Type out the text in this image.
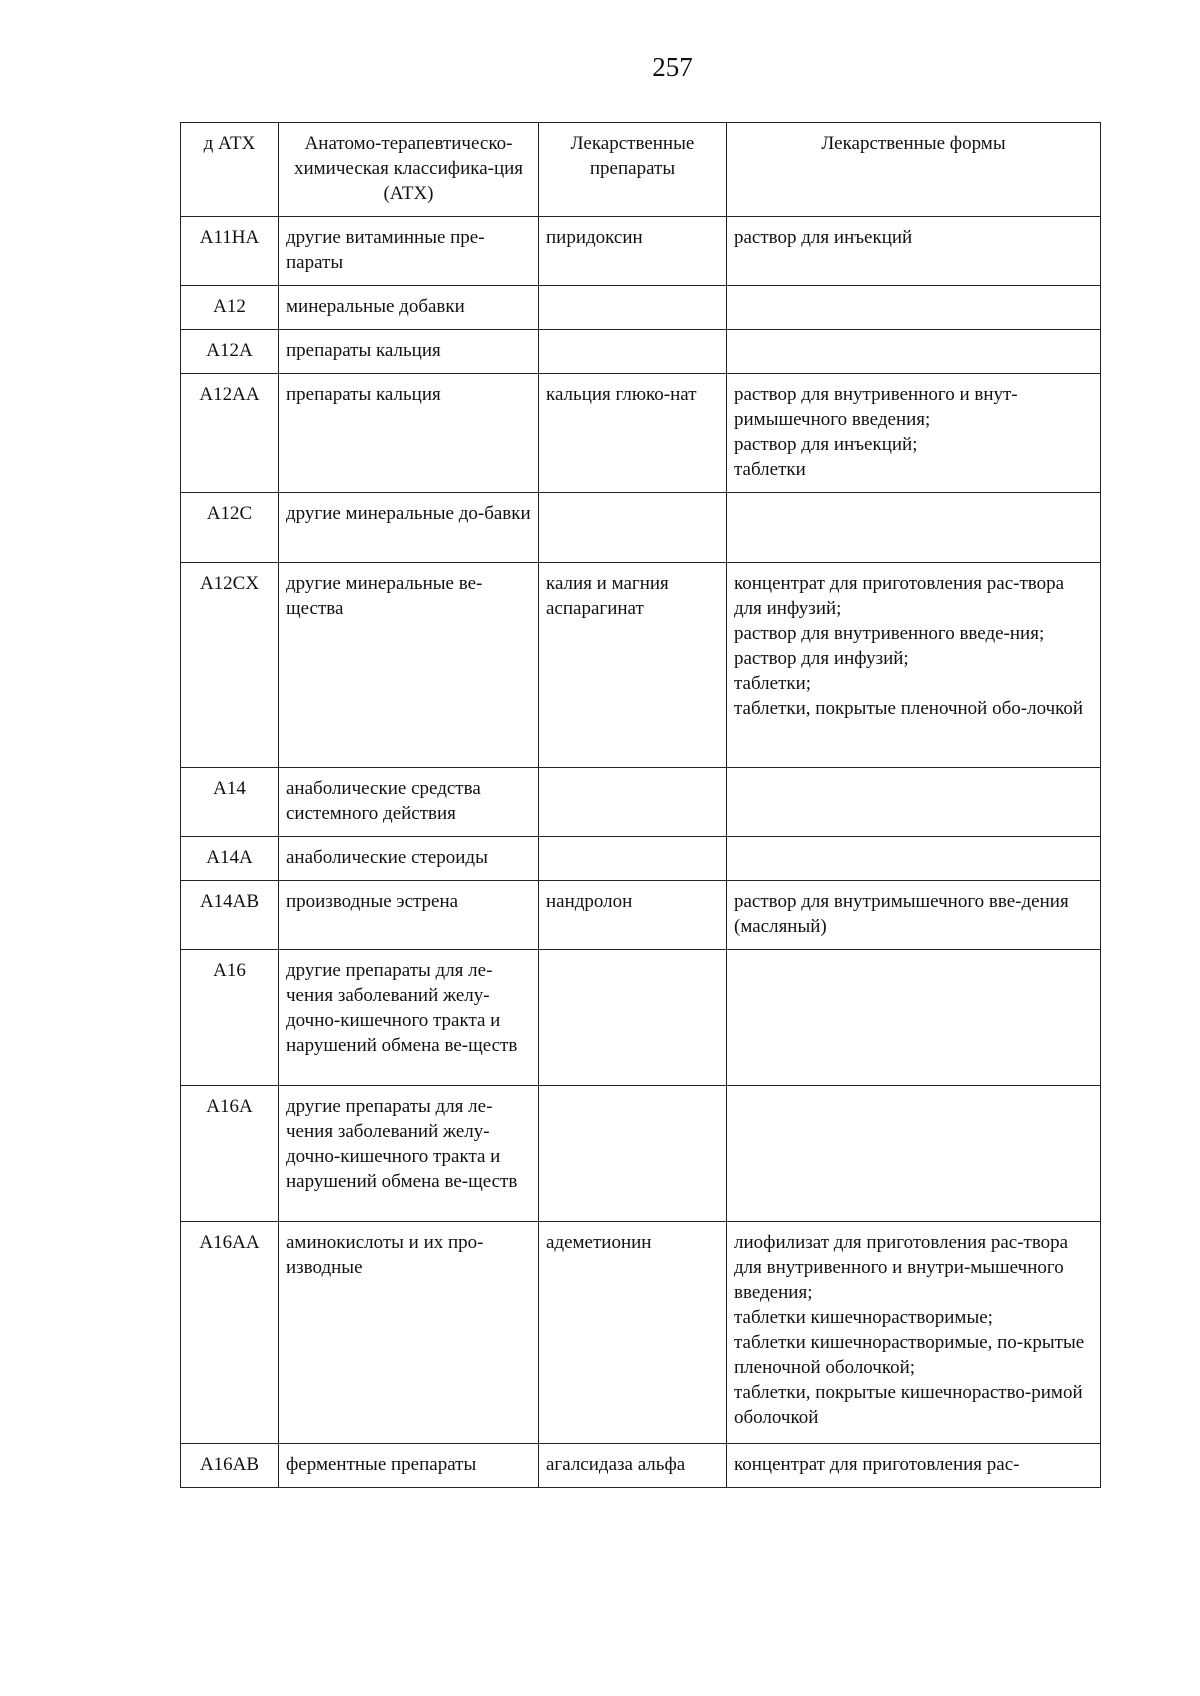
257
д АТХ	Анатомо-терапевтическо-химическая классифика-ция (АТХ)	Лекарственные препараты	Лекарственные формы
A11HA	другие витаминные пре-параты	пиридоксин	раствор для инъекций

A12	минеральные добавки		
A12A	препараты кальция		
A12AA	препараты кальция	кальция глюко-нат	раствор для внутривенного и внут-римышечного введения;
раствор для инъекций;
таблетки

A12C	другие минеральные до-бавки		
A12CX	другие минеральные ве-щества	калия и магния аспарагинат	концентрат для приготовления рас-твора для инфузий;
раствор для внутривенного введе-ния;
раствор для инфузий;
таблетки;
таблетки, покрытые пленочной обо-лочкой

A14	анаболические средства системного действия		
A14A	анаболические стероиды		
A14AB	производные эстрена	нандролон	раствор для внутримышечного вве-дения (масляный)

A16	другие препараты для ле-чения заболеваний желу-дочно-кишечного тракта и нарушений обмена ве-ществ		
A16A	другие препараты для ле-чения заболеваний желу-дочно-кишечного тракта и нарушений обмена ве-ществ		
A16AA	аминокислоты и их про-изводные	адеметионин	лиофилизат для приготовления рас-твора для внутривенного и внутри-мышечного введения;
таблетки кишечнорастворимые;
таблетки кишечнорастворимые, по-крытые пленочной оболочкой;
таблетки, покрытые кишечнораство-римой оболочкой

A16AB	ферментные препараты	агалсидаза альфа	концентрат для приготовления рас-
